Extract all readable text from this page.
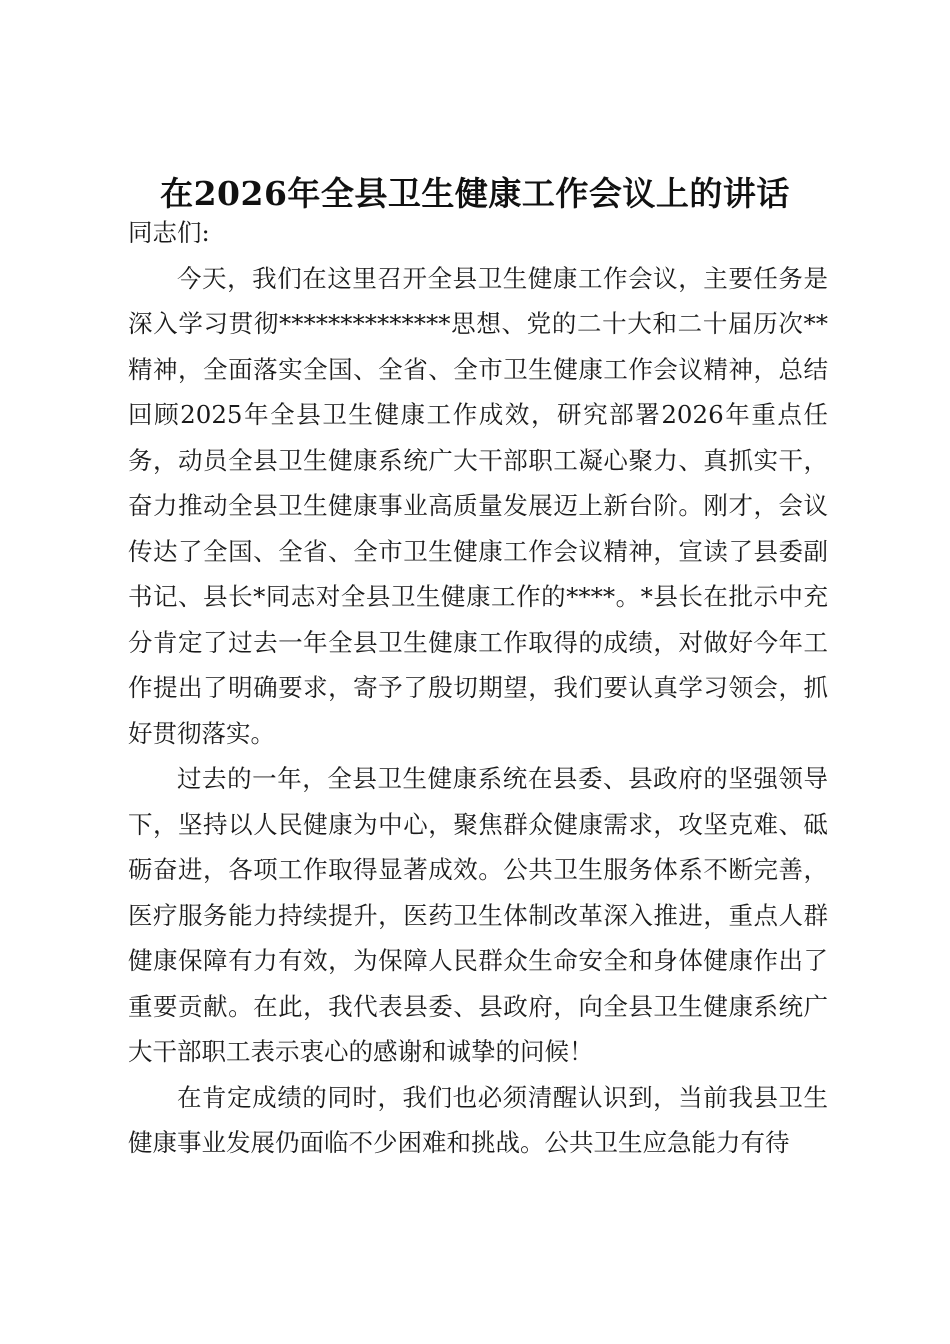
在2026年全县卫生健康工作会议上的讲话

同志们:

今天，我们在这里召开全县卫生健康工作会议，主要任务是深入学习贯彻**************思想、党的二十大和二十届历次**精神，全面落实全国、全省、全市卫生健康工作会议精神，总结回顾2025年全县卫生健康工作成效，研究部署2026年重点任务，动员全县卫生健康系统广大干部职工凝心聚力、真抓实干，奋力推动全县卫生健康事业高质量发展迈上新台阶。刚才，会议传达了全国、全省、全市卫生健康工作会议精神，宣读了县委副书记、县长*同志对全县卫生健康工作的****。*县长在批示中充分肯定了过去一年全县卫生健康工作取得的成绩，对做好今年工作提出了明确要求，寄予了殷切期望，我们要认真学习领会，抓好贯彻落实。

过去的一年，全县卫生健康系统在县委、县政府的坚强领导下，坚持以人民健康为中心，聚焦群众健康需求，攻坚克难、砥砺奋进，各项工作取得显著成效。公共卫生服务体系不断完善，医疗服务能力持续提升，医药卫生体制改革深入推进，重点人群健康保障有力有效，为保障人民群众生命安全和身体健康作出了重要贡献。在此，我代表县委、县政府，向全县卫生健康系统广大干部职工表示衷心的感谢和诚挚的问候！

在肯定成绩的同时，我们也必须清醒认识到，当前我县卫生健康事业发展仍面临不少困难和挑战。公共卫生应急能力有待
